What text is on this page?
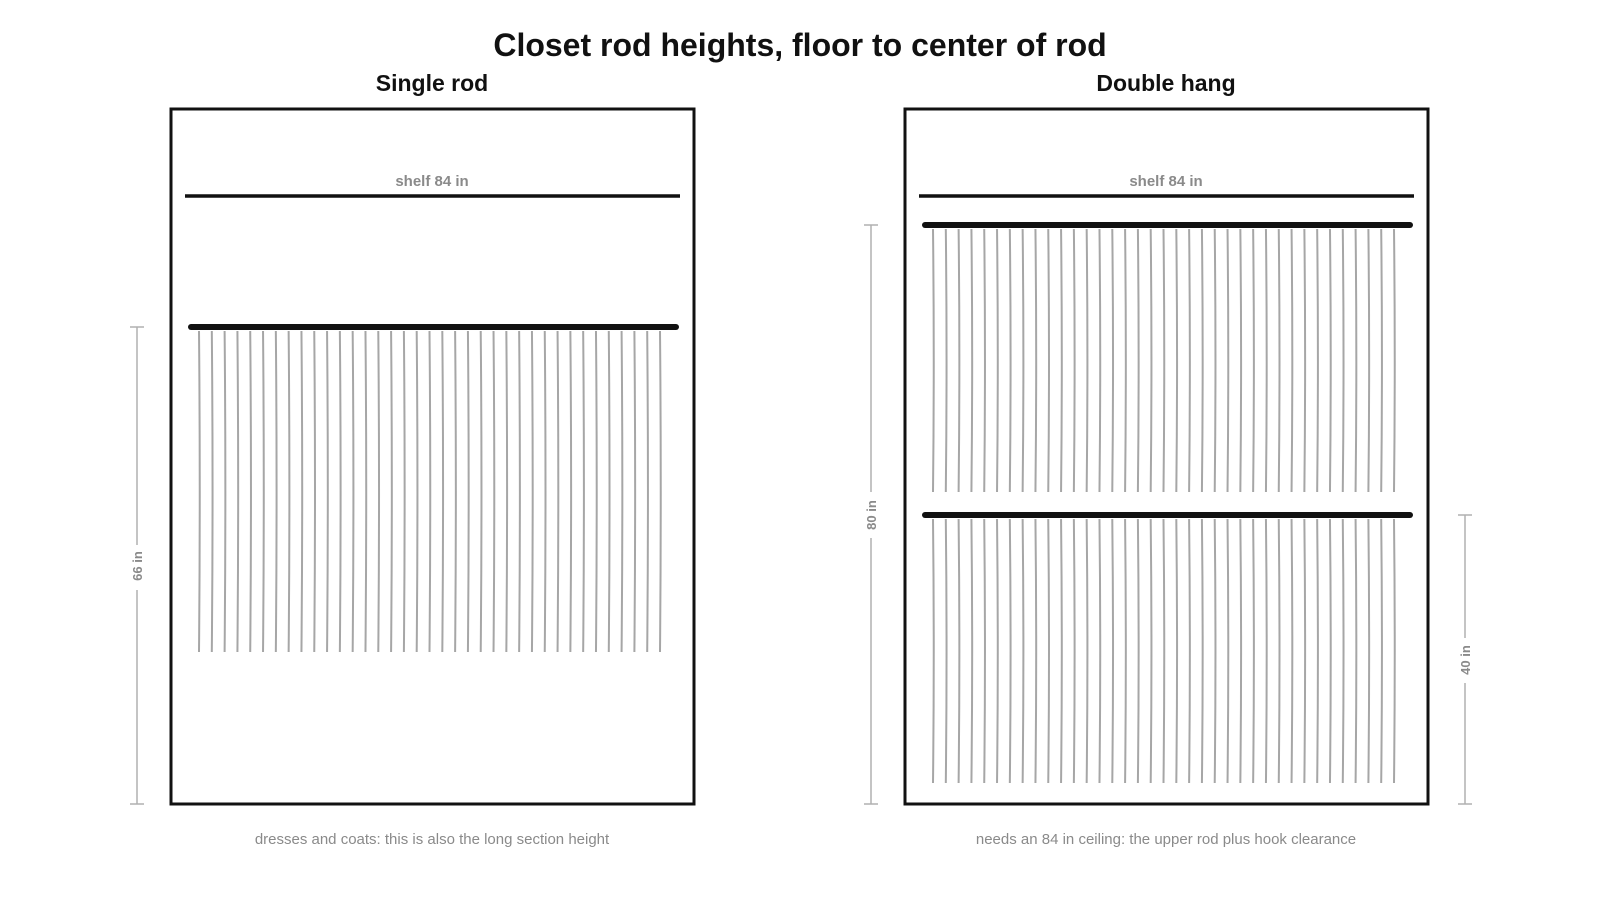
Closet rod heights, floor to center of rod
Single rod
shelf 84 in
66 in
dresses and coats: this is also the long section height
Double hang
shelf 84 in
80 in
40 in
needs an 84 in ceiling: the upper rod plus hook clearance
